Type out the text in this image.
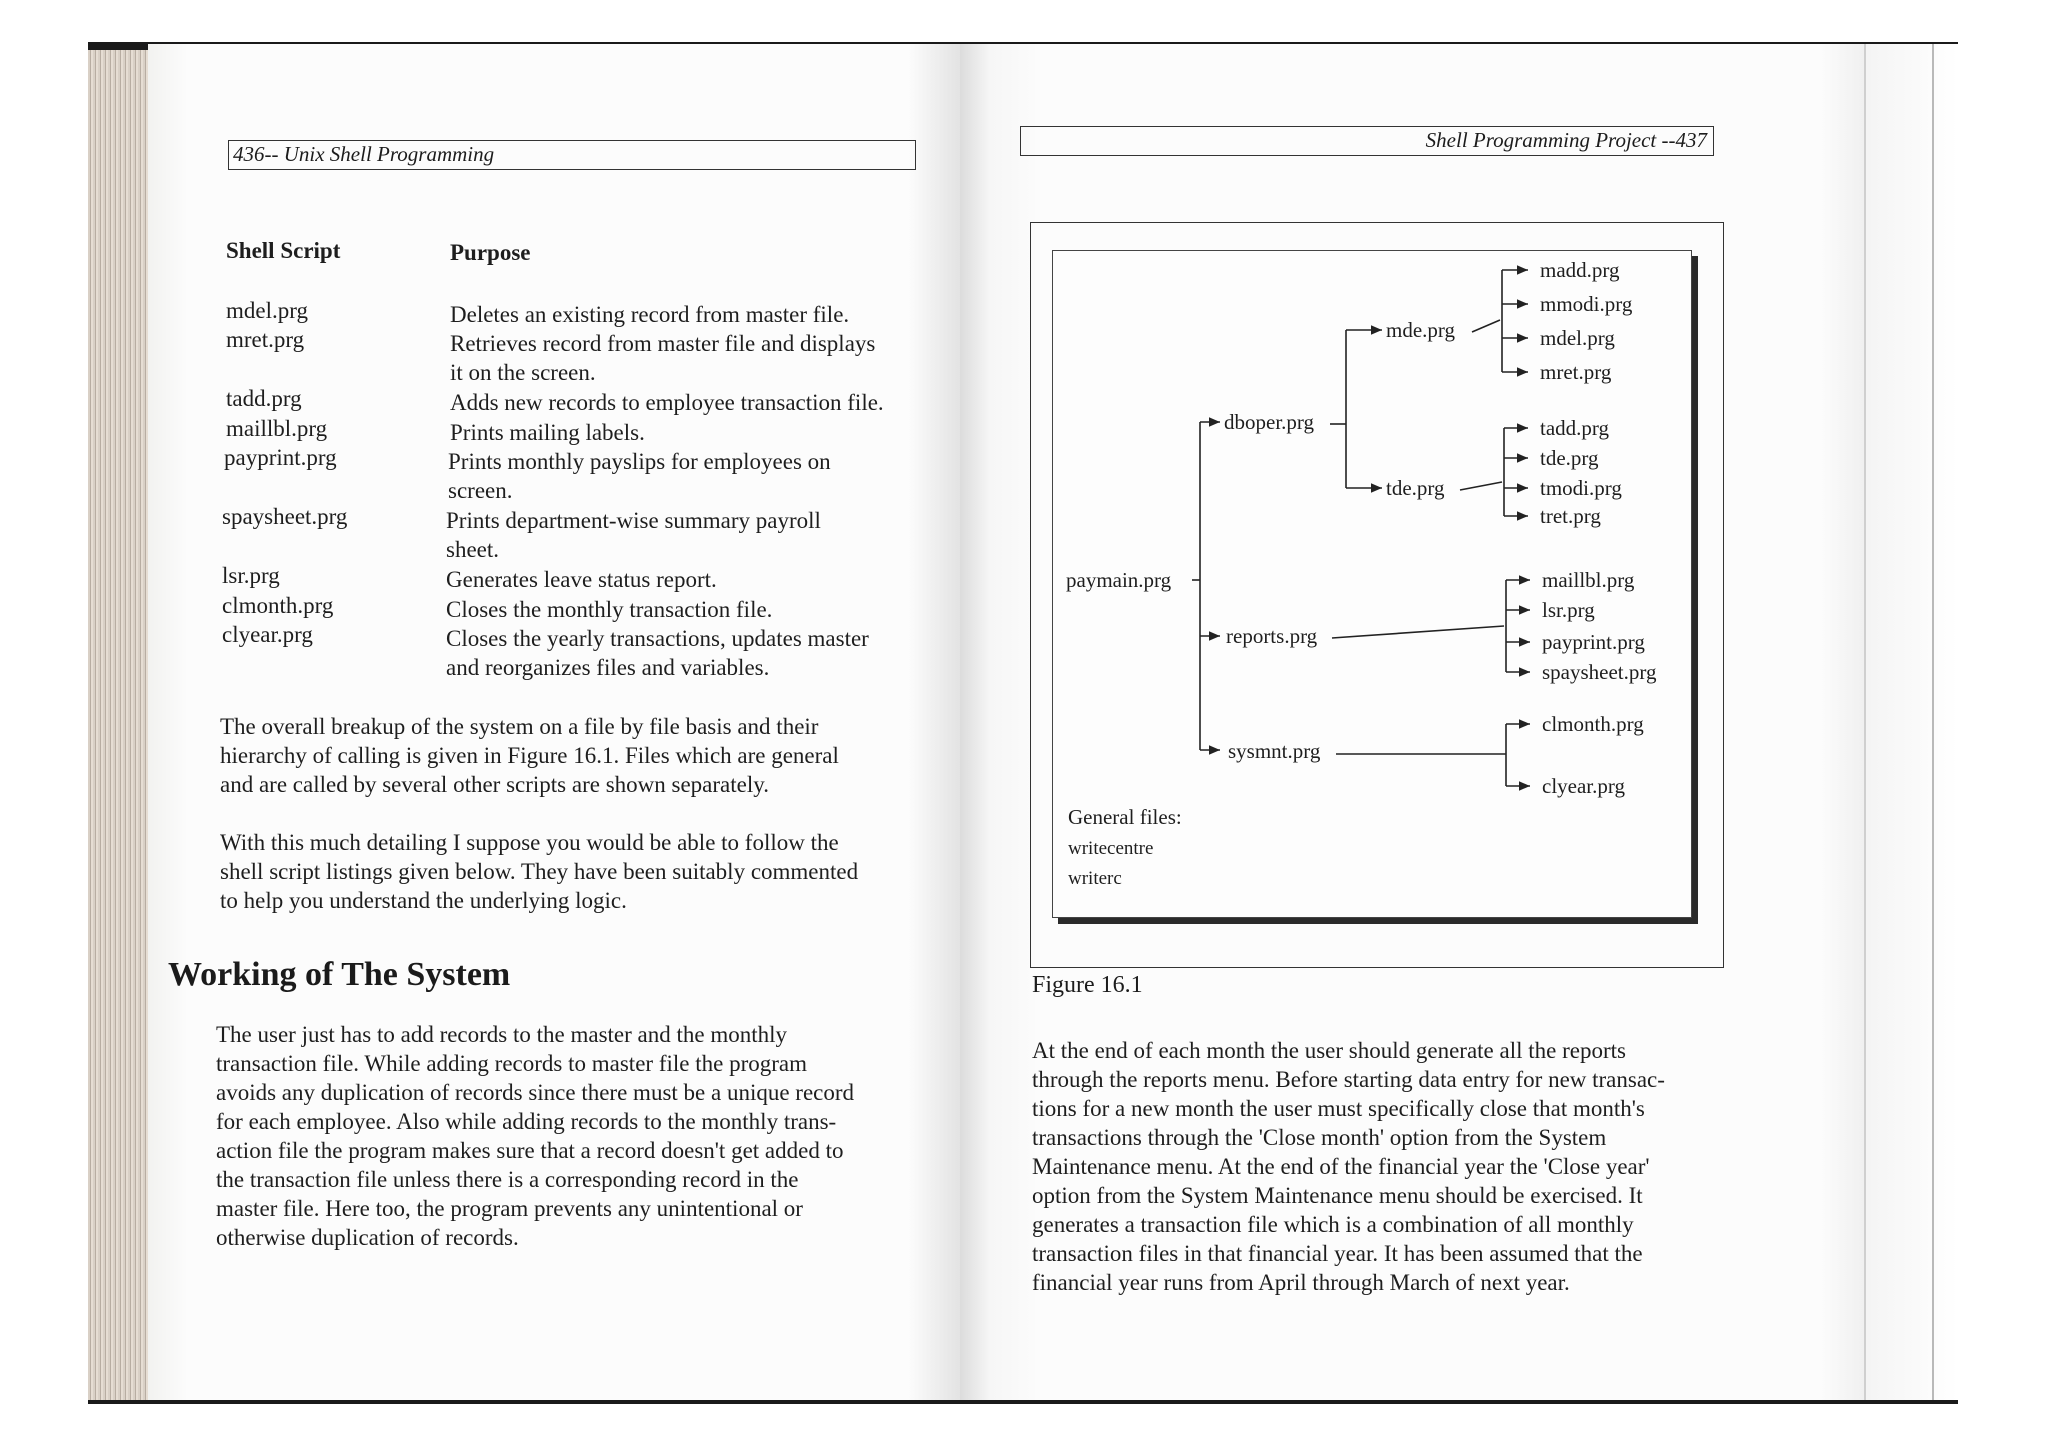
436-- Unix Shell Programming
Shell Script	Purpose
mdel.prg	Deletes an existing record from master file.
mret.prg	Retrieves record from master file and displays
it on the screen.
tadd.prg	Adds new records to employee transaction file.
maillbl.prg	Prints mailing labels.
payprint.prg	Prints monthly payslips for employees on
screen.
spaysheet.prg	Prints department-wise summary payroll
sheet.
lsr.prg	Generates leave status report.
clmonth.prg	Closes the monthly transaction file.
clyear.prg	Closes the yearly transactions, updates master
and reorganizes files and variables.
The overall breakup of the system on a file by file basis and their
hierarchy of calling is given in Figure 16.1. Files which are general
and are called by several other scripts are shown separately.
With this much detailing I suppose you would be able to follow the
shell script listings given below. They have been suitably commented
to help you understand the underlying logic.
Working of The System
The user just has to add records to the master and the monthly
transaction file. While adding records to master file the program
avoids any duplication of records since there must be a unique record
for each employee. Also while adding records to the monthly trans-
action file the program makes sure that a record doesn't get added to
the transaction file unless there is a corresponding record in the
master file. Here too, the program prevents any unintentional or
otherwise duplication of records.
Shell Programming Project --437
paymain.prg
dboper.prg
reports.prg
sysmnt.prg
mde.prg
tde.prg
madd.prg
mmodi.prg
mdel.prg
mret.prg
tadd.prg
tde.prg
tmodi.prg
tret.prg
maillbl.prg
lsr.prg
payprint.prg
spaysheet.prg
clmonth.prg
clyear.prg
General files:
writecentre
writerc
Figure 16.1
At the end of each month the user should generate all the reports
through the reports menu. Before starting data entry for new transac-
tions for a new month the user must specifically close that month's
transactions through the 'Close month' option from the System
Maintenance menu. At the end of the financial year the 'Close year'
option from the System Maintenance menu should be exercised. It
generates a transaction file which is a combination of all monthly
transaction files in that financial year. It has been assumed that the
financial year runs from April through March of next year.
